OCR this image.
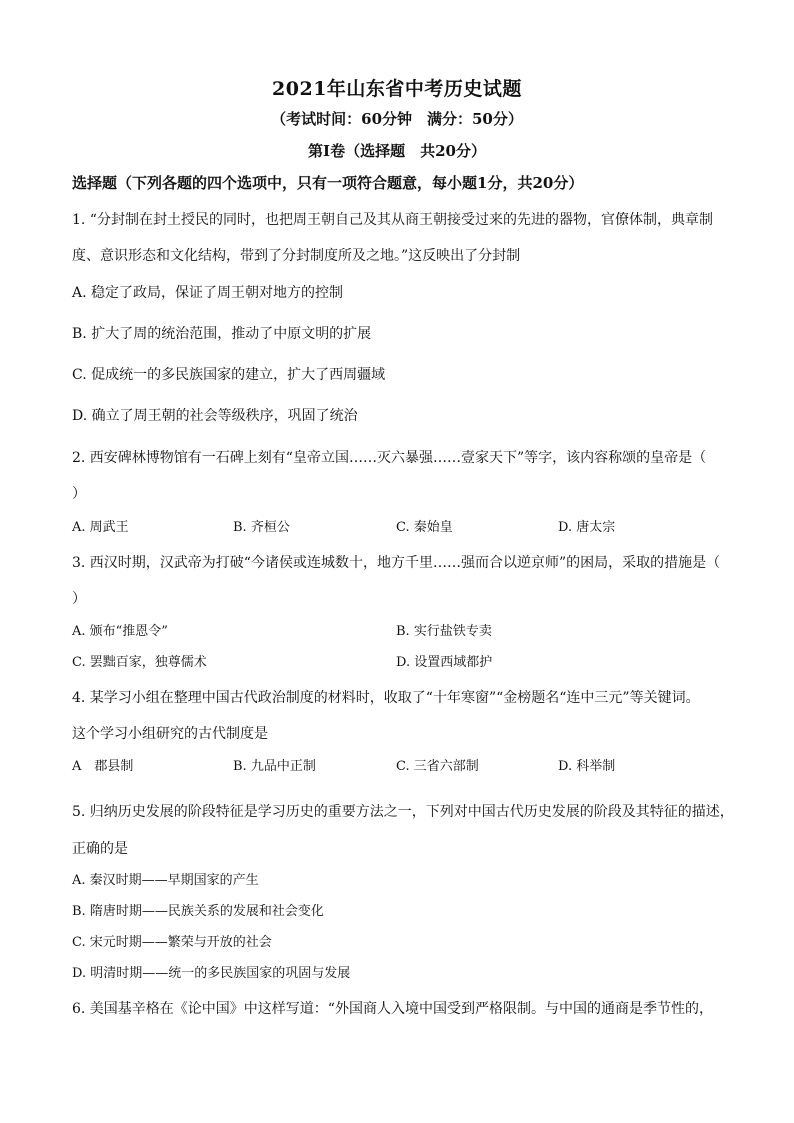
2021年山东省中考历史试题
（考试时间：60分钟　满分：50分）
第Ⅰ卷（选择题　共20分）
选择题（下列各题的四个选项中，只有一项符合题意，每小题1分，共20分）
1. “分封制在封土授民的同时，也把周王朝自己及其从商王朝接受过来的先进的器物，官僚体制，典章制
度、意识形态和文化结构，带到了分封制度所及之地。”这反映出了分封制
A. 稳定了政局，保证了周王朝对地方的控制
B. 扩大了周的统治范围，推动了中原文明的扩展
C. 促成统一的多民族国家的建立，扩大了西周疆域
D. 确立了周王朝的社会等级秩序，巩固了统治
2. 西安碑林博物馆有一石碑上刻有“皇帝立国……灭六暴强……壹家天下”等字，该内容称颂的皇帝是（
）
A. 周武王	B. 齐桓公	C. 秦始皇	D. 唐太宗
3. 西汉时期，汉武帝为打破“今诸侯或连城数十，地方千里……强而合以逆京师”的困局，采取的措施是（
）
A. 颁布“推恩令”	B. 实行盐铁专卖
C. 罢黜百家，独尊儒术	D. 设置西域都护
4. 某学习小组在整理中国古代政治制度的材料时，收取了“十年寒窗”“金榜题名“连中三元”等关键词。
这个学习小组研究的古代制度是
A　郡县制	B. 九品中正制	C. 三省六部制	D. 科举制
5. 归纳历史发展的阶段特征是学习历史的重要方法之一，下列对中国古代历史发展的阶段及其特征的描述，
正确的是
A. 秦汉时期——早期国家的产生
B. 隋唐时期——民族关系的发展和社会变化
C. 宋元时期——繁荣与开放的社会
D. 明清时期——统一的多民族国家的巩固与发展
6. 美国基辛格在《论中国》中这样写道：“外国商人入境中国受到严格限制。与中国的通商是季节性的，
